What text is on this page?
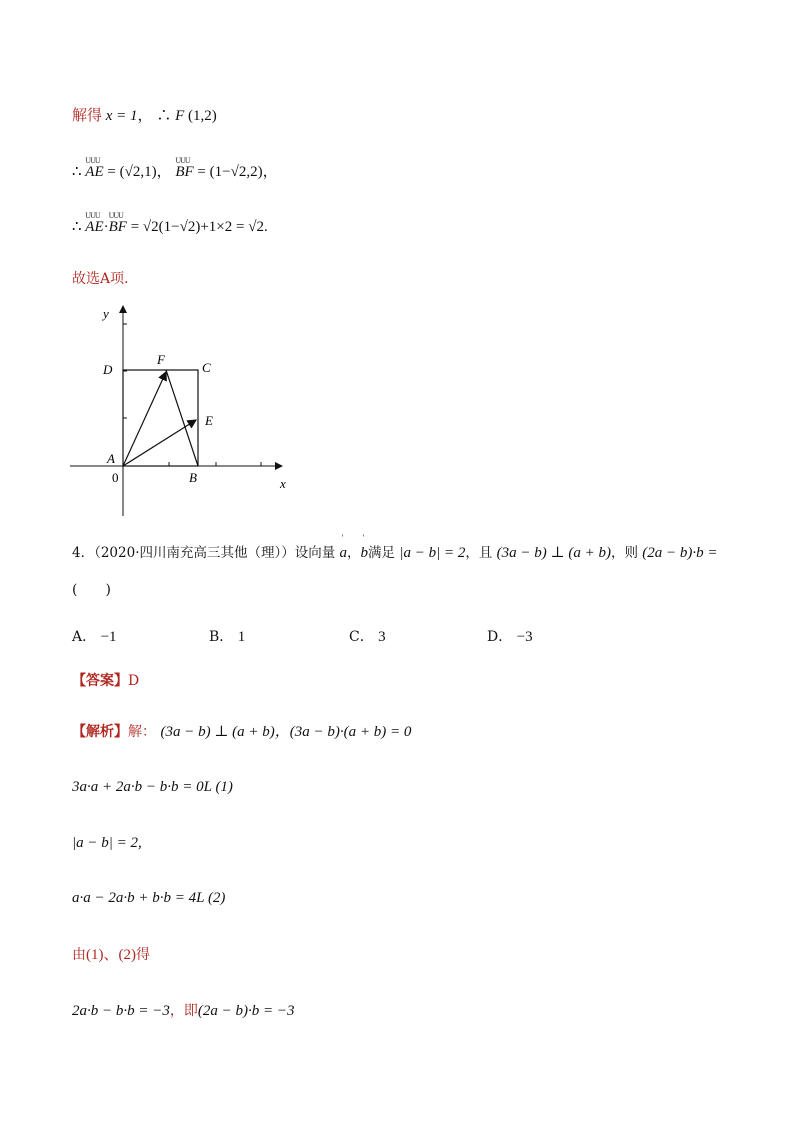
解得 x = 1， ∴ F (1,2)
∴
UUU
AE = (√2,1)，
UUU
BF = (1−√2,2)，
∴
UUU
AE·
UUU
BF = √2(1−√2)+1×2 = √2.
故选A项．
y
x
D	C
F
E
A
0	B
4．（2020·四川南充高三其他（理））设向量
'
a，
'
b满足 |a − b| = 2，且 (3a − b) ⊥ (a + b)，则 (2a − b)·b =
(　　)
A． −1	B． 1	C． 3	D． −3
【答案】D
【解析】解： (3a − b) ⊥ (a + b)，(3a − b)·(a + b) = 0
3a·a + 2a·b − b·b = 0L (1)
|a − b| = 2,
a·a − 2a·b + b·b = 4L (2)
由(1)、(2)得
2a·b − b·b = −3，即(2a − b)·b = −3
